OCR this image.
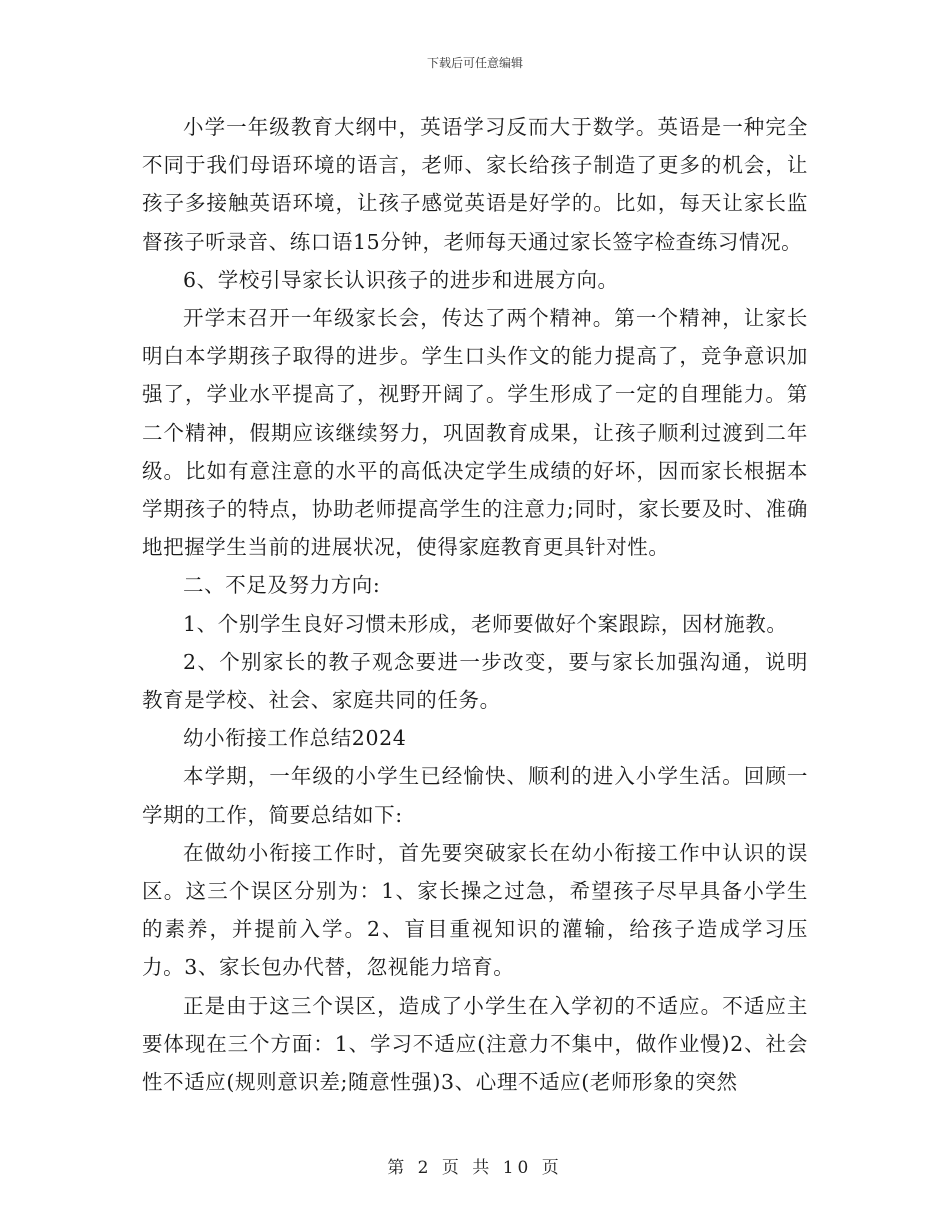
下载后可任意编辑

小学一年级教育大纲中，英语学习反而大于数学。英语是一种完全不同于我们母语环境的语言，老师、家长给孩子制造了更多的机会，让孩子多接触英语环境，让孩子感觉英语是好学的。比如，每天让家长监督孩子听录音、练口语15分钟，老师每天通过家长签字检查练习情况。

6、学校引导家长认识孩子的进步和进展方向。

开学末召开一年级家长会，传达了两个精神。第一个精神，让家长明白本学期孩子取得的进步。学生口头作文的能力提高了，竞争意识加强了，学业水平提高了，视野开阔了。学生形成了一定的自理能力。第二个精神，假期应该继续努力，巩固教育成果，让孩子顺利过渡到二年级。比如有意注意的水平的高低决定学生成绩的好坏，因而家长根据本学期孩子的特点，协助老师提高学生的注意力;同时，家长要及时、准确地把握学生当前的进展状况，使得家庭教育更具针对性。

二、不足及努力方向:

1、个别学生良好习惯未形成，老师要做好个案跟踪，因材施教。

2、个别家长的教子观念要进一步改变，要与家长加强沟通，说明教育是学校、社会、家庭共同的任务。

幼小衔接工作总结2024

本学期，一年级的小学生已经愉快、顺利的进入小学生活。回顾一学期的工作，简要总结如下:

在做幼小衔接工作时，首先要突破家长在幼小衔接工作中认识的误区。这三个误区分别为：1、家长操之过急，希望孩子尽早具备小学生的素养，并提前入学。2、盲目重视知识的灌输，给孩子造成学习压力。3、家长包办代替，忽视能力培育。

正是由于这三个误区，造成了小学生在入学初的不适应。不适应主要体现在三个方面：1、学习不适应(注意力不集中，做作业慢)2、社会性不适应(规则意识差;随意性强)3、心理不适应(老师形象的突然

第 2 页 共 10 页
